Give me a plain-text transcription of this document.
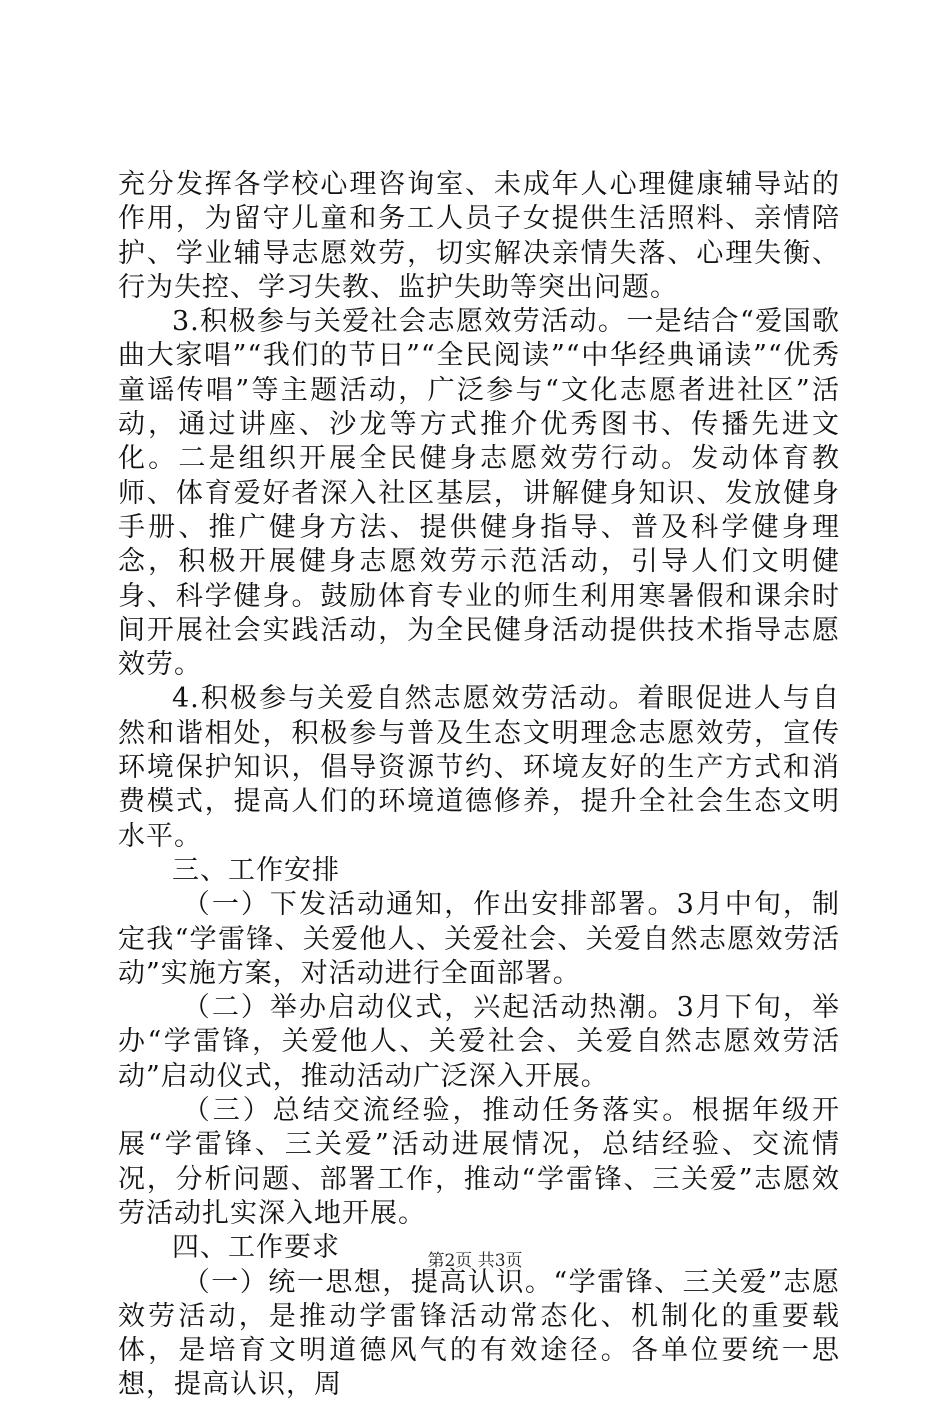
充分发挥各学校心理咨询室、未成年人心理健康辅导站的作用，为留守儿童和务工人员子女提供生活照料、亲情陪护、学业辅导志愿效劳，切实解决亲情失落、心理失衡、行为失控、学习失教、监护失助等突出问题。

3.积极参与关爱社会志愿效劳活动。一是结合“爱国歌曲大家唱”“我们的节日”“全民阅读”“中华经典诵读”“优秀童谣传唱”等主题活动，广泛参与“文化志愿者进社区”活动，通过讲座、沙龙等方式推介优秀图书、传播先进文化。二是组织开展全民健身志愿效劳行动。发动体育教师、体育爱好者深入社区基层，讲解健身知识、发放健身手册、推广健身方法、提供健身指导、普及科学健身理念，积极开展健身志愿效劳示范活动，引导人们文明健身、科学健身。鼓励体育专业的师生利用寒暑假和课余时间开展社会实践活动，为全民健身活动提供技术指导志愿效劳。

4.积极参与关爱自然志愿效劳活动。着眼促进人与自然和谐相处，积极参与普及生态文明理念志愿效劳，宣传环境保护知识，倡导资源节约、环境友好的生产方式和消费模式，提高人们的环境道德修养，提升全社会生态文明水平。

三、工作安排

（一）下发活动通知，作出安排部署。3月中旬，制定我“学雷锋、关爱他人、关爱社会、关爱自然志愿效劳活动”实施方案，对活动进行全面部署。

（二）举办启动仪式，兴起活动热潮。3月下旬，举办“学雷锋，关爱他人、关爱社会、关爱自然志愿效劳活动”启动仪式，推动活动广泛深入开展。

（三）总结交流经验，推动任务落实。根据年级开展“学雷锋、三关爱”活动进展情况，总结经验、交流情况，分析问题、部署工作，推动“学雷锋、三关爱”志愿效劳活动扎实深入地开展。

四、工作要求

（一）统一思想，提高认识。“学雷锋、三关爱”志愿效劳活动，是推动学雷锋活动常态化、机制化的重要载体，是培育文明道德风气的有效途径。各单位要统一思想，提高认识，周

第2页 共3页
